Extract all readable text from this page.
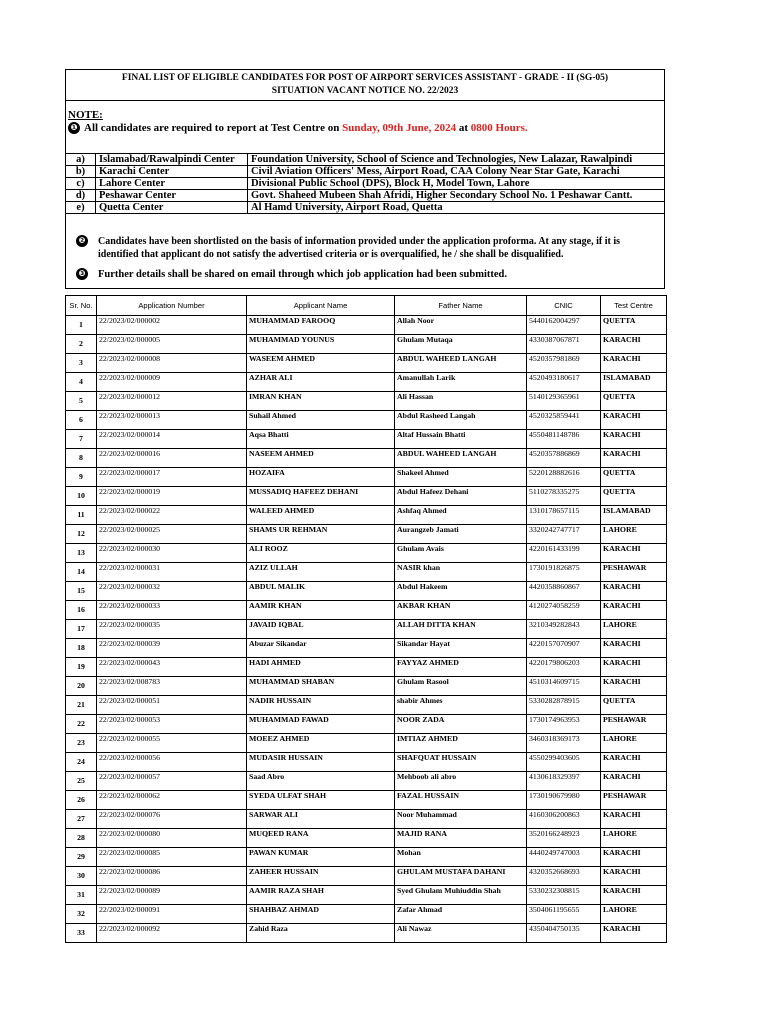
FINAL LIST OF ELIGIBLE CANDIDATES FOR POST OF AIRPORT SERVICES ASSISTANT - GRADE - II (SG-05)
SITUATION VACANT NOTICE NO. 22/2023
NOTE:
❶ All candidates are required to report at Test Centre on Sunday, 09th June, 2024 at 0800 Hours.
a)	Islamabad/Rawalpindi Center	Foundation University, School of Science and Technologies, New Lalazar, Rawalpindi
b)	Karachi Center	Civil Aviation Officers' Mess, Airport Road, CAA Colony Near Star Gate, Karachi
c)	Lahore Center	Divisional Public School (DPS), Block H, Model Town, Lahore
d)	Peshawar Center	Govt. Shaheed Mubeen Shah Afridi, Higher Secondary School No. 1 Peshawar Cantt.
e)	Quetta Center	Al Hamd University, Airport Road, Quetta
❷ Candidates have been shortlisted on the basis of information provided under the application proforma. At any stage, if it is identified that applicant do not satisfy the advertised criteria or is overqualified, he / she shall be disqualified.
❸ Further details shall be shared on email through which job application had been submitted.
Sr. No.	Application Number	Applicant Name	Father Name	CNIC	Test Centre
1	22/2023/02/000002	MUHAMMAD FAROOQ	Allah Noor	5440162004297	QUETTA
2	22/2023/02/000005	MUHAMMAD YOUNUS	Ghulam Mutaqa	4330387067871	KARACHI
3	22/2023/02/000008	WASEEM AHMED	ABDUL WAHEED LANGAH	4520357981869	KARACHI
4	22/2023/02/000009	AZHAR ALI	Amanullah Larik	4520493180617	ISLAMABAD
5	22/2023/02/000012	IMRAN KHAN	Ali Hassan	5140129365961	QUETTA
6	22/2023/02/000013	Suhail Ahmed	Abdul Rasheed Langah	4520325859441	KARACHI
7	22/2023/02/000014	Aqsa Bhatti	Altaf Hussain Bhatti	4550481148786	KARACHI
8	22/2023/02/000016	NASEEM AHMED	ABDUL WAHEED LANGAH	4520357886869	KARACHI
9	22/2023/02/000017	HOZAIFA	Shakeel Ahmed	5220128882616	QUETTA
10	22/2023/02/000019	MUSSADIQ HAFEEZ DEHANI	Abdul Hafeez Dehani	5110278335275	QUETTA
11	22/2023/02/000022	WALEED AHMED	Ashfaq Ahmed	1310178657115	ISLAMABAD
12	22/2023/02/000025	SHAMS UR REHMAN	Aurangzeb Jamati	3320242747717	LAHORE
13	22/2023/02/000030	ALI ROOZ	Ghulam Avais	4220161433199	KARACHI
14	22/2023/02/000031	AZIZ ULLAH	NASIR khan	1730191826875	PESHAWAR
15	22/2023/02/000032	ABDUL MALIK	Abdul Hakeem	4420358860867	KARACHI
16	22/2023/02/000033	AAMIR KHAN	AKBAR KHAN	4120274058259	KARACHI
17	22/2023/02/000035	JAVAID IQBAL	ALLAH DITTA KHAN	3210349282843	LAHORE
18	22/2023/02/000039	Abuzar Sikandar	Sikandar Hayat	4220157070907	KARACHI
19	22/2023/02/000043	HADI AHMED	FAYYAZ AHMED	4220179806203	KARACHI
20	22/2023/02/008783	MUHAMMAD SHABAN	Ghulam Rasool	4510314609715	KARACHI
21	22/2023/02/000051	NADIR HUSSAIN	shabir Ahmes	5330282878915	QUETTA
22	22/2023/02/000053	MUHAMMAD FAWAD	NOOR ZADA	1730174963953	PESHAWAR
23	22/2023/02/000055	MOEEZ AHMED	IMTIAZ AHMED	3460318369173	LAHORE
24	22/2023/02/000056	MUDASIR HUSSAIN	SHAFQUAT HUSSAIN	4550299403605	KARACHI
25	22/2023/02/000057	Saad Abro	Mehboob ali abro	4130618329397	KARACHI
26	22/2023/02/000062	SYEDA ULFAT SHAH	FAZAL HUSSAIN	1730190679980	PESHAWAR
27	22/2023/02/000076	SARWAR ALI	Noor Muhammad	4160306200863	KARACHI
28	22/2023/02/000080	MUQEED RANA	MAJID RANA	3520166248923	LAHORE
29	22/2023/02/000085	PAWAN KUMAR	Mohan	4440249747003	KARACHI
30	22/2023/02/000086	ZAHEER HUSSAIN	GHULAM MUSTAFA DAHANI	4320352668693	KARACHI
31	22/2023/02/000089	AAMIR RAZA SHAH	Syed Ghulam Muhiuddin Shah	5330232308815	KARACHI
32	22/2023/02/000091	SHAHBAZ AHMAD	Zafar Ahmad	3504061195655	LAHORE
33	22/2023/02/000092	Zahid Raza	Ali Nawaz	4350404750135	KARACHI
